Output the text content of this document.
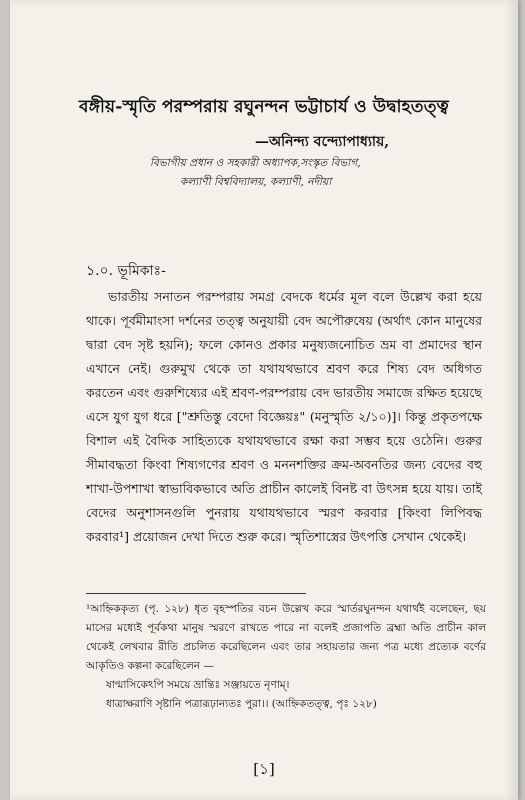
বঙ্গীয়-স্মৃতি পরম্পরায় রঘুনন্দন ভট্টাচার্য ও উদ্বাহতত্ত্ব
—অনিন্দ্য বন্দ্যোপাধ্যায়,
বিভাগীয় প্রধান ও সহকারী অধ্যাপক,সংস্কৃত বিভাগ,
কল্যাণী বিশ্ববিদ্যালয়, কল্যাণী, নদীয়া
১.০. ভূমিকাঃ-

ভারতীয় সনাতন পরম্পরায় সমগ্র বেদকে ধর্মের মূল বলে উল্লেখ করা হয়ে থাকে। পূর্বমীমাংসা দর্শনের তত্ত্ব অনুযায়ী বেদ অপৌরুষেয় (অর্থাৎ কোন মানুষের দ্বারা বেদ সৃষ্ট হয়নি); ফলে কোনও প্রকার মনুষ্যজনোচিত ভ্রম বা প্রমাদের স্থান এখানে নেই। গুরুমুখ থেকে তা যথাযথভাবে শ্রবণ করে শিষ্য বেদ অধিগত করতেন এবং গুরুশিষ্যের এই শ্রবণ-পরম্পরায় বেদ ভারতীয় সমাজে রক্ষিত হয়েছে এসে যুগ যুগ ধরে ["শ্রুতিস্তু বেদো বিজ্ঞেয়ঃ" (মনুস্মৃতি ২/১০)]। কিন্তু প্রকৃতপক্ষে বিশাল এই বৈদিক সাহিত্যকে যথাযথভাবে রক্ষা করা সম্ভব হয়ে ওঠেনি। গুরুর সীমাবদ্ধতা কিংবা শিষ্যগণের শ্রবণ ও মননশক্তির ক্রম-অবনতির জন্য বেদের বহু শাখা-উপশাখা স্বাভাবিকভাবে অতি প্রাচীন কালেই বিনষ্ট বা উৎসন্ন হয়ে যায়। তাই বেদের অনুশাসনগুলি পুনরায় যথাযথভাবে স্মরণ করবার [কিংবা লিপিবদ্ধ করবার¹] প্রয়োজন দেখা দিতে শুরু করে। স্মৃতিশাস্ত্রের উৎপত্তি সেখান থেকেই।

¹আহ্নিককৃত্য (পৃ. ১২৮) ধৃত বৃহস্পতির বচন উল্লেখ করে স্মার্তরঘুনন্দন যথার্থই বলেছেন, ছয় মাসের মধ্যেই পূর্বকথা মানুষ স্মরণে রাখতে পারে না বলেই প্রজাপতি ব্রহ্মা অতি প্রাচীন কাল থেকেই লেখবার রীতি প্রচলিত করেছিলেন এবং তার সহায়তার জন্য পত্র মধ্যে প্রত্যেক বর্ণের আকৃতিও কল্পনা করেছিলেন —

ষাণ্মাসিকেঽপি সময়ে ভ্রান্তিঃ সঞ্জায়তে নৃণাম্।

ধাত্রাক্ষরাণি সৃষ্টানি পত্রারূঢ়ান্যতঃ পুরা।। (আহ্নিকতত্ত্ব, পৃঃ ১২৮)

[১]
